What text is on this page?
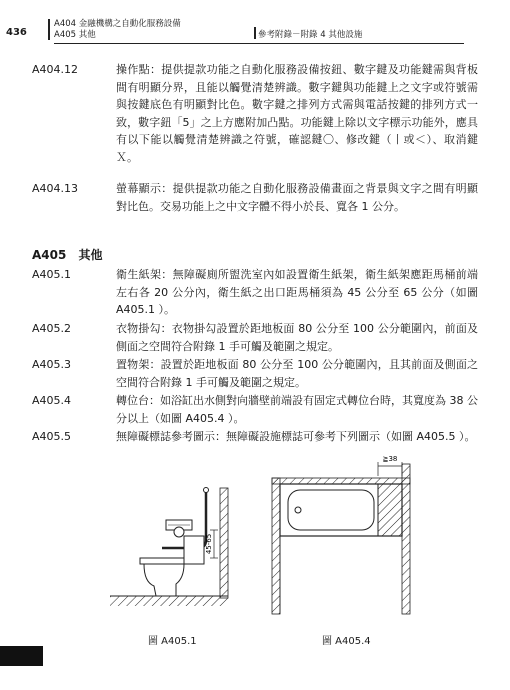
436
A404 金融機構之自動化服務設備
A405 其他	參考附錄－附錄 4 其他設施
A404.12	操作點：提供提款功能之自動化服務設備按鈕、數字鍵及功能鍵需與背板間有明顯分界，且能以觸覺清楚辨識。數字鍵與功能鍵上之文字或符號需與按鍵底色有明顯對比色。數字鍵之排列方式需與電話按鍵的排列方式一致，數字鈕「5」之上方應附加凸點。功能鍵上除以文字標示功能外，應具有以下能以觸覺清楚辨識之符號，確認鍵〇、修改鍵（丨或＜）、取消鍵Ｘ。
A404.13	螢幕顯示：提供提款功能之自動化服務設備畫面之背景與文字之間有明顯對比色。交易功能上之中文字體不得小於長、寬各 1 公分。
A405 其他
A405.1	衛生紙架：無障礙廁所盥洗室內如設置衛生紙架，衛生紙架應距馬桶前端左右各 20 公分內，衛生紙之出口距馬桶須為 45 公分至 65 公分（如圖 A405.1 ）。
A405.2	衣物掛勾：衣物掛勾設置於距地板面 80 公分至 100 公分範圍內，前面及側面之空間符合附錄 1 手可觸及範圍之規定。
A405.3	置物架：設置於距地板面 80 公分至 100 公分範圍內，且其前面及側面之空間符合附錄 1 手可觸及範圍之規定。
A405.4	轉位台：如浴缸出水側對向牆壁前端設有固定式轉位台時，其寬度為 38 公分以上（如圖 A405.4 ）。
A405.5	無障礙標誌參考圖示：無障礙設施標誌可參考下列圖示（如圖 A405.5 ）。
45-65
圖 A405.1
≧38
圖 A405.4
